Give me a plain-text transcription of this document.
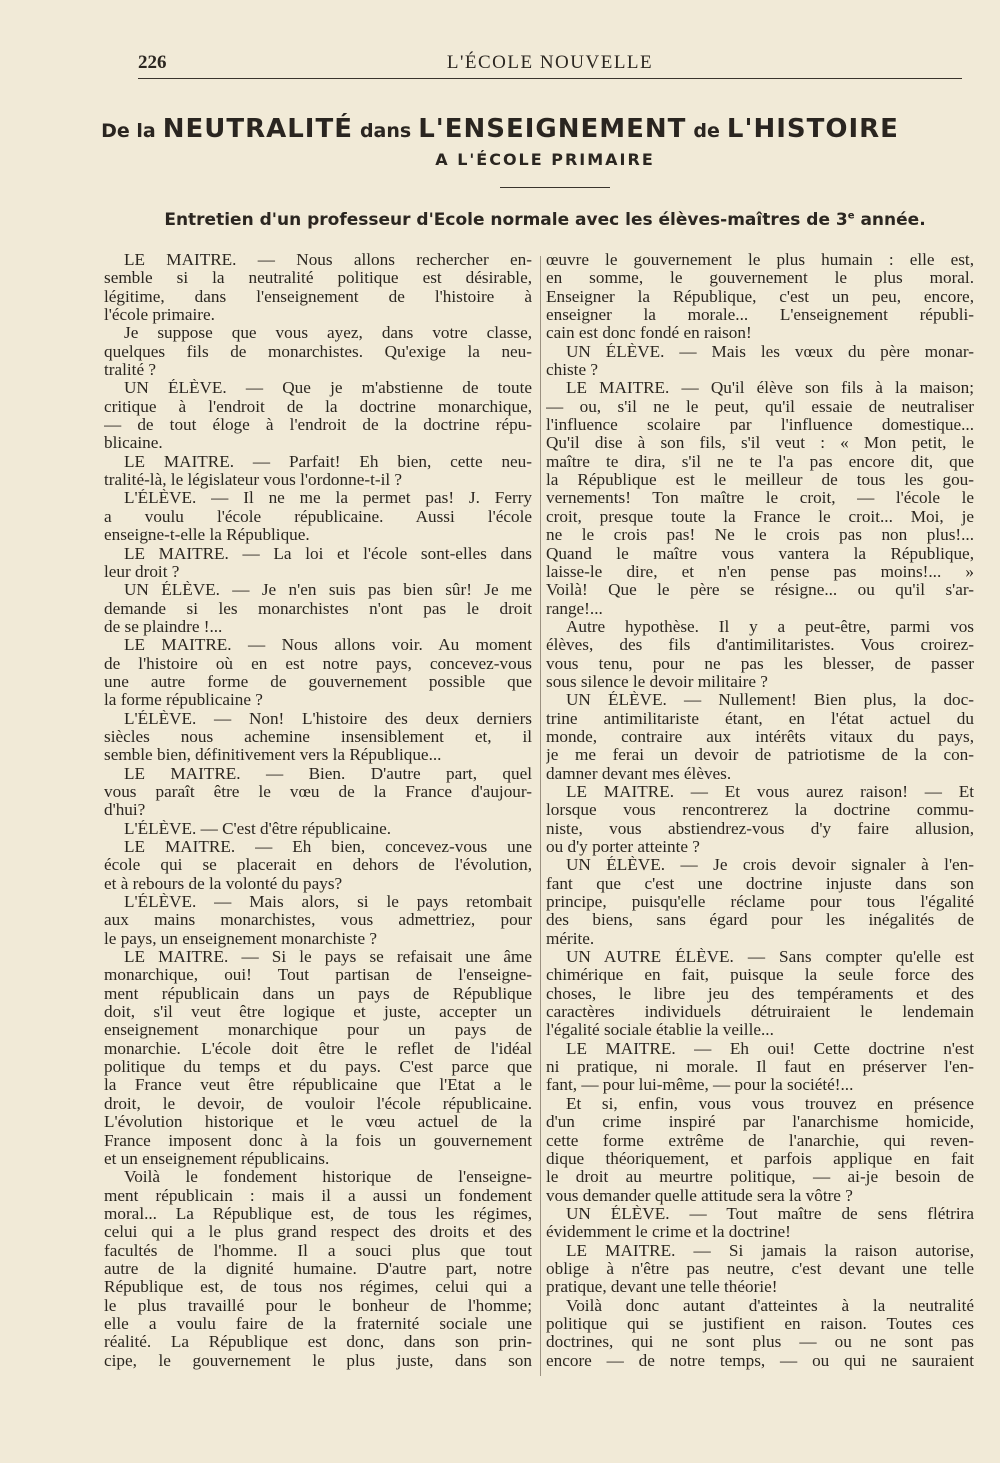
226	L'ÉCOLE NOUVELLE
De la NEUTRALITÉ dans L'ENSEIGNEMENT de L'HISTOIRE
A L'ÉCOLE PRIMAIRE
Entretien d'un professeur d'Ecole normale avec les élèves-maîtres de 3e année.
LE MAITRE. — Nous allons rechercher en-
semble si la neutralité politique est désirable,
légitime, dans l'enseignement de l'histoire à
l'école primaire.
Je suppose que vous ayez, dans votre classe,
quelques fils de monarchistes. Qu'exige la neu-
tralité ?
UN ÉLÈVE. — Que je m'abstienne de toute
critique à l'endroit de la doctrine monarchique,
— de tout éloge à l'endroit de la doctrine répu-
blicaine.
LE MAITRE. — Parfait! Eh bien, cette neu-
tralité-là, le législateur vous l'ordonne-t-il ?
L'ÉLÈVE. — Il ne me la permet pas! J. Ferry
a voulu l'école républicaine. Aussi l'école
enseigne-t-elle la République.
LE MAITRE. — La loi et l'école sont-elles dans
leur droit ?
UN ÉLÈVE. — Je n'en suis pas bien sûr! Je me
demande si les monarchistes n'ont pas le droit
de se plaindre !...
LE MAITRE. — Nous allons voir. Au moment
de l'histoire où en est notre pays, concevez-vous
une autre forme de gouvernement possible que
la forme républicaine ?
L'ÉLÈVE. — Non! L'histoire des deux derniers
siècles nous achemine insensiblement et, il
semble bien, définitivement vers la République...
LE MAITRE. — Bien. D'autre part, quel
vous paraît être le vœu de la France d'aujour-
d'hui?
L'ÉLÈVE. — C'est d'être républicaine.
LE MAITRE. — Eh bien, concevez-vous une
école qui se placerait en dehors de l'évolution,
et à rebours de la volonté du pays?
L'ÉLÈVE. — Mais alors, si le pays retombait
aux mains monarchistes, vous admettriez, pour
le pays, un enseignement monarchiste ?
LE MAITRE. — Si le pays se refaisait une âme
monarchique, oui! Tout partisan de l'enseigne-
ment républicain dans un pays de République
doit, s'il veut être logique et juste, accepter un
enseignement monarchique pour un pays de
monarchie. L'école doit être le reflet de l'idéal
politique du temps et du pays. C'est parce que
la France veut être républicaine que l'Etat a le
droit, le devoir, de vouloir l'école républicaine.
L'évolution historique et le vœu actuel de la
France imposent donc à la fois un gouvernement
et un enseignement républicains.
Voilà le fondement historique de l'enseigne-
ment républicain : mais il a aussi un fondement
moral... La République est, de tous les régimes,
celui qui a le plus grand respect des droits et des
facultés de l'homme. Il a souci plus que tout
autre de la dignité humaine. D'autre part, notre
République est, de tous nos régimes, celui qui a
le plus travaillé pour le bonheur de l'homme;
elle a voulu faire de la fraternité sociale une
réalité. La République est donc, dans son prin-
cipe, le gouvernement le plus juste, dans son
œuvre le gouvernement le plus humain : elle est,
en somme, le gouvernement le plus moral.
Enseigner la République, c'est un peu, encore,
enseigner la morale... L'enseignement républi-
cain est donc fondé en raison!
UN ÉLÈVE. — Mais les vœux du père monar-
chiste ?
LE MAITRE. — Qu'il élève son fils à la maison;
— ou, s'il ne le peut, qu'il essaie de neutraliser
l'influence scolaire par l'influence domestique...
Qu'il dise à son fils, s'il veut : « Mon petit, le
maître te dira, s'il ne te l'a pas encore dit, que
la République est le meilleur de tous les gou-
vernements! Ton maître le croit, — l'école le
croit, presque toute la France le croit... Moi, je
ne le crois pas! Ne le crois pas non plus!...
Quand le maître vous vantera la République,
laisse-le dire, et n'en pense pas moins!... »
Voilà! Que le père se résigne... ou qu'il s'ar-
range!...
Autre hypothèse. Il y a peut-être, parmi vos
élèves, des fils d'antimilitaristes. Vous croirez-
vous tenu, pour ne pas les blesser, de passer
sous silence le devoir militaire ?
UN ÉLÈVE. — Nullement! Bien plus, la doc-
trine antimilitariste étant, en l'état actuel du
monde, contraire aux intérêts vitaux du pays,
je me ferai un devoir de patriotisme de la con-
damner devant mes élèves.
LE MAITRE. — Et vous aurez raison! — Et
lorsque vous rencontrerez la doctrine commu-
niste, vous abstiendrez-vous d'y faire allusion,
ou d'y porter atteinte ?
UN ÉLÈVE. — Je crois devoir signaler à l'en-
fant que c'est une doctrine injuste dans son
principe, puisqu'elle réclame pour tous l'égalité
des biens, sans égard pour les inégalités de
mérite.
UN AUTRE ÉLÈVE. — Sans compter qu'elle est
chimérique en fait, puisque la seule force des
choses, le libre jeu des tempéraments et des
caractères individuels détruiraient le lendemain
l'égalité sociale établie la veille...
LE MAITRE. — Eh oui! Cette doctrine n'est
ni pratique, ni morale. Il faut en préserver l'en-
fant, — pour lui-même, — pour la société!...
Et si, enfin, vous vous trouvez en présence
d'un crime inspiré par l'anarchisme homicide,
cette forme extrême de l'anarchie, qui reven-
dique théoriquement, et parfois applique en fait
le droit au meurtre politique, — ai-je besoin de
vous demander quelle attitude sera la vôtre ?
UN ÉLÈVE. — Tout maître de sens flétrira
évidemment le crime et la doctrine!
LE MAITRE. — Si jamais la raison autorise,
oblige à n'être pas neutre, c'est devant une telle
pratique, devant une telle théorie!
Voilà donc autant d'atteintes à la neutralité
politique qui se justifient en raison. Toutes ces
doctrines, qui ne sont plus — ou ne sont pas
encore — de notre temps, — ou qui ne sauraient
